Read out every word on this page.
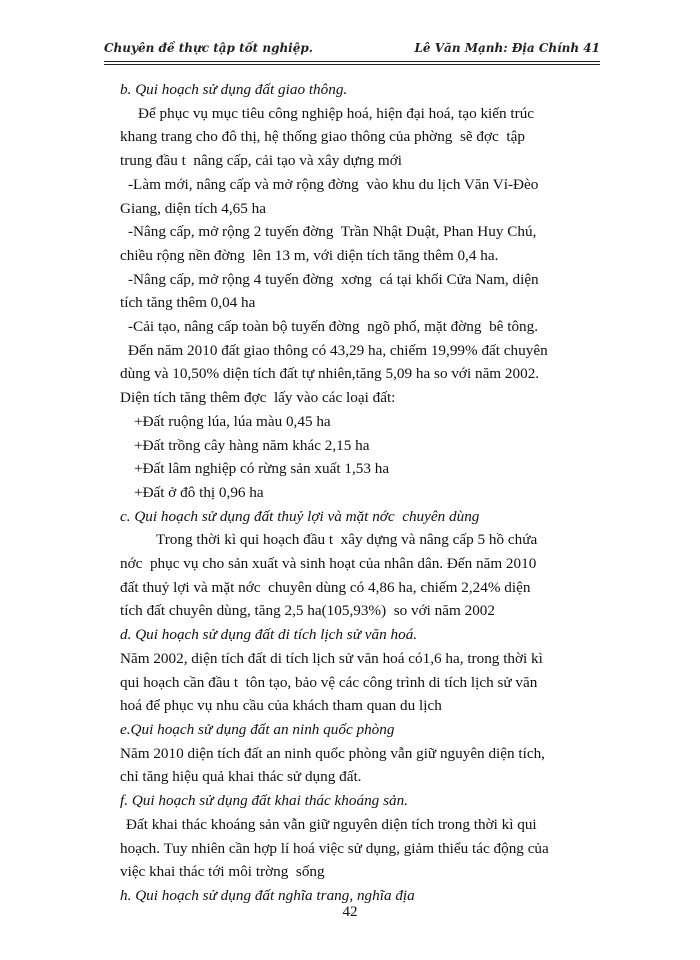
Chuyên đề thực tập tốt nghiệp.	Lê Văn Mạnh: Địa Chính 41

b. Qui hoạch sử dụng đất giao thông.

Để phục vụ mục tiêu công nghiệp hoá, hiện đại hoá, tạo kiến trúc

khang trang cho đô thị, hệ thống giao thông của phờng  sẽ đợc  tập

trung đầu t  nâng cấp, cải tạo và xây dựng mới

-Làm mới, nâng cấp và mở rộng đờng  vào khu du lịch Văn Vỉ-Đèo

Giang, diện tích 4,65 ha

-Nâng cấp, mở rộng 2 tuyến đờng  Trần Nhật Duật, Phan Huy Chú,

chiều rộng nền đờng  lên 13 m, với diện tích tăng thêm 0,4 ha.

-Nâng cấp, mở rộng 4 tuyến đờng  xơng  cá tại khối Cửa Nam, diện

tích tăng thêm 0,04 ha

-Cải tạo, nâng cấp toàn bộ tuyến đờng  ngõ phố, mặt đờng  bê tông.

Đến năm 2010 đất giao thông có 43,29 ha, chiếm 19,99% đất chuyên

dùng và 10,50% diện tích đất tự nhiên,tăng 5,09 ha so với năm 2002.

Diện tích tăng thêm đợc  lấy vào các loại đất:

+Đất ruộng lúa, lúa màu 0,45 ha

+Đất trồng cây hàng năm khác 2,15 ha

+Đất lâm nghiệp có rừng sản xuất 1,53 ha

+Đất ở đô thị 0,96 ha

c. Qui hoạch sử dụng đất thuỷ lợi và mặt nớc  chuyên dùng

Trong thời kì qui hoạch đầu t  xây dựng và nâng cấp 5 hồ chứa

nớc  phục vụ cho sản xuất và sinh hoạt của nhân dân. Đến năm 2010

đất thuỷ lợi và mặt nớc  chuyên dùng có 4,86 ha, chiếm 2,24% diện

tích đất chuyên dùng, tăng 2,5 ha(105,93%)  so với năm 2002

d. Qui hoạch sử dụng đất di tích lịch sử văn hoá.

Năm 2002, diện tích đất di tích lịch sử văn hoá có1,6 ha, trong thời kì

qui hoạch cần đầu t  tôn tạo, bảo vệ các công trình di tích lịch sử văn

hoá để phục vụ nhu cầu của khách tham quan du lịch

e.Qui hoạch sử dụng đất an ninh quốc phòng

Năm 2010 diện tích đất an ninh quốc phòng vẫn giữ nguyên diện tích,

chỉ tăng hiệu quả khai thác sử dụng đất.

f. Qui hoạch sử dụng đất khai thác khoáng sản.

Đất khai thác khoáng sản vẫn giữ nguyên diện tích trong thời kì qui

hoạch. Tuy nhiên cần hợp lí hoá việc sử dụng, giảm thiểu tác động của

việc khai thác tới môi trờng  sống

h. Qui hoạch sử dụng đất nghĩa trang, nghĩa địa

42
